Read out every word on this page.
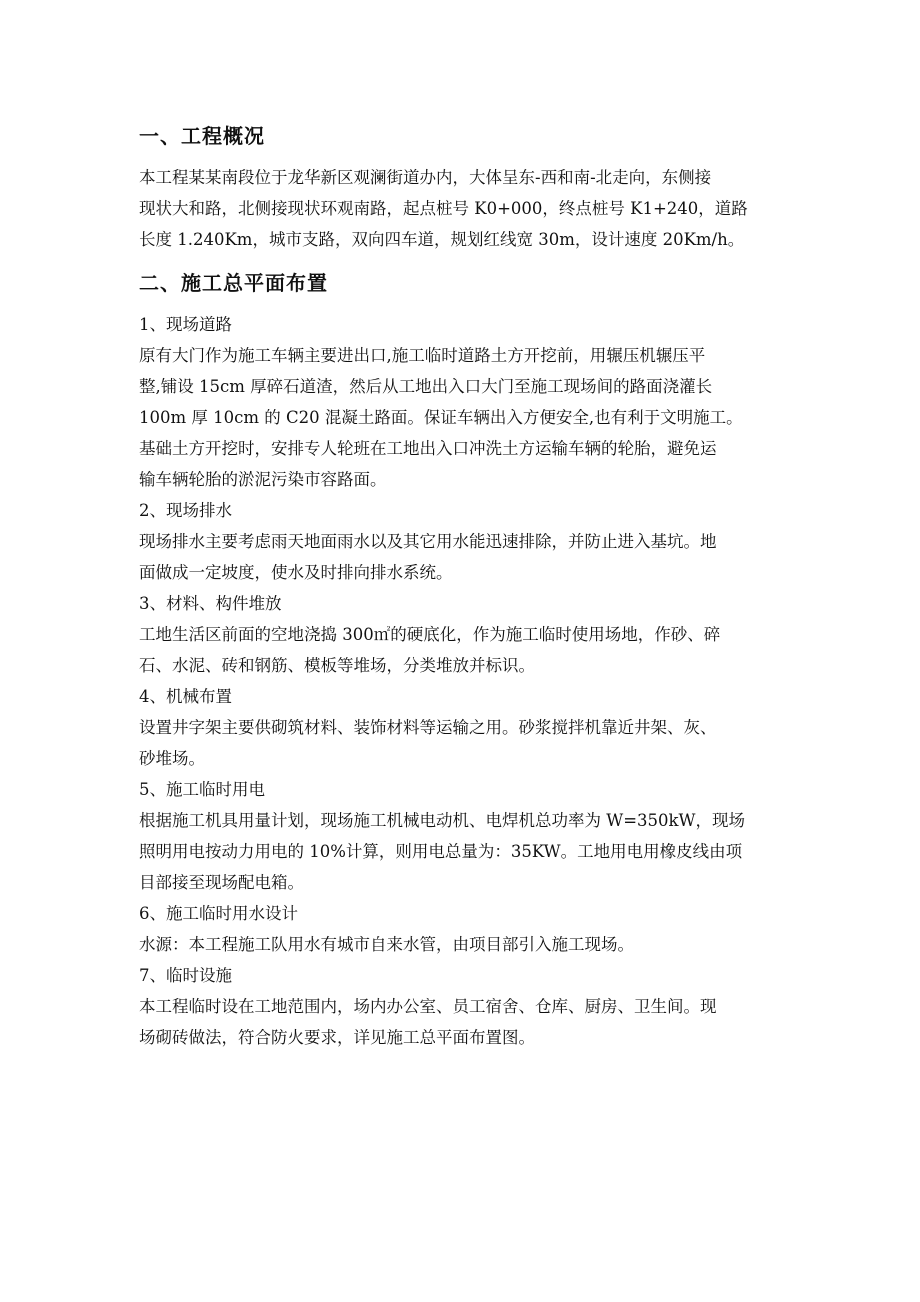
一、工程概况

本工程某某南段位于龙华新区观澜街道办内，大体呈东-西和南-北走向，东侧接
现状大和路，北侧接现状环观南路，起点桩号 K0+000，终点桩号 K1+240，道路
长度 1.240Km，城市支路，双向四车道，规划红线宽 30m，设计速度 20Km/h。

二、施工总平面布置
1、现场道路

原有大门作为施工车辆主要进出口,施工临时道路土方开挖前，用辗压机辗压平
整,铺设 15cm 厚碎石道渣，然后从工地出入口大门至施工现场间的路面浇灌长
100m 厚 10cm 的 C20 混凝土路面。保证车辆出入方便安全,也有利于文明施工。
基础土方开挖时，安排专人轮班在工地出入口冲洗土方运输车辆的轮胎，避免运
输车辆轮胎的淤泥污染市容路面。

2、现场排水

现场排水主要考虑雨天地面雨水以及其它用水能迅速排除，并防止进入基坑。地
面做成一定坡度，使水及时排向排水系统。

3、材料、构件堆放

工地生活区前面的空地浇捣 300㎡的硬底化，作为施工临时使用场地，作砂、碎
石、水泥、砖和钢筋、模板等堆场，分类堆放并标识。

4、机械布置

设置井字架主要供砌筑材料、装饰材料等运输之用。砂浆搅拌机靠近井架、灰、
砂堆场。

5、施工临时用电

根据施工机具用量计划，现场施工机械电动机、电焊机总功率为 W=350kW，现场
照明用电按动力用电的 10%计算，则用电总量为：35KW。工地用电用橡皮线由项
目部接至现场配电箱。

6、施工临时用水设计

水源：本工程施工队用水有城市自来水管，由项目部引入施工现场。

7、临时设施

本工程临时设在工地范围内，场内办公室、员工宿舍、仓库、厨房、卫生间。现
场砌砖做法，符合防火要求，详见施工总平面布置图。
